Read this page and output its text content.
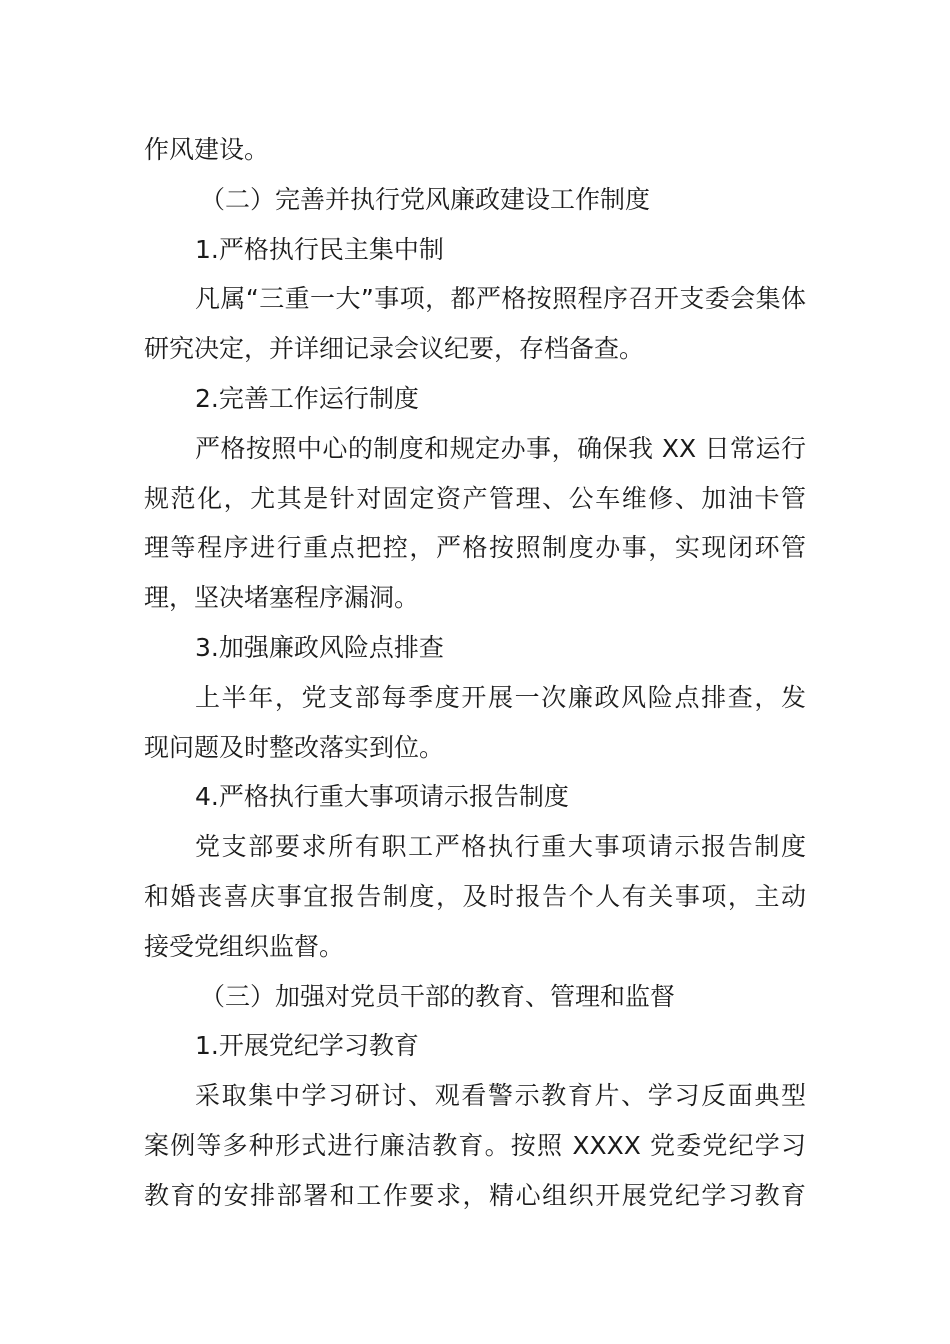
作风建设。
（二）完善并执行党风廉政建设工作制度
1.严格执行民主集中制
凡属“三重一大”事项，都严格按照程序召开支委会集体
研究决定，并详细记录会议纪要，存档备查。
2.完善工作运行制度
严格按照中心的制度和规定办事，确保我 XX 日常运行
规范化，尤其是针对固定资产管理、公车维修、加油卡管
理等程序进行重点把控，严格按照制度办事，实现闭环管
理，坚决堵塞程序漏洞。
3.加强廉政风险点排查
上半年，党支部每季度开展一次廉政风险点排查，发
现问题及时整改落实到位。
4.严格执行重大事项请示报告制度
党支部要求所有职工严格执行重大事项请示报告制度
和婚丧喜庆事宜报告制度，及时报告个人有关事项，主动
接受党组织监督。
（三）加强对党员干部的教育、管理和监督
1.开展党纪学习教育
采取集中学习研讨、观看警示教育片、学习反面典型
案例等多种形式进行廉洁教育。按照 XXXX 党委党纪学习
教育的安排部署和工作要求，精心组织开展党纪学习教育
